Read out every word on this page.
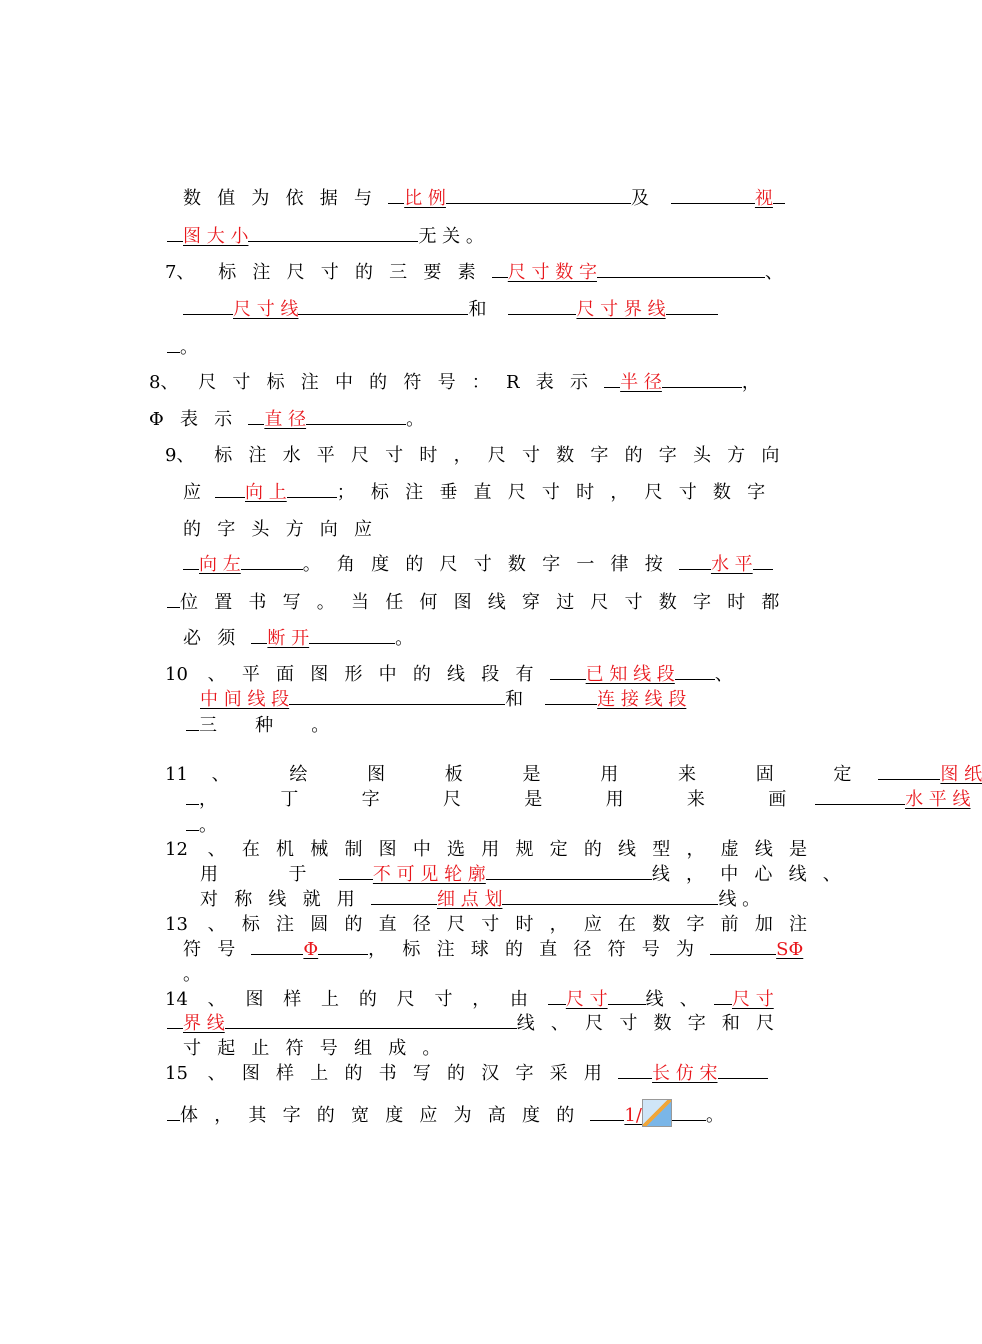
数值为依据与 比 例	及	视
图 大 小	无 关 。
7、 标注尺寸的三要素 尺 寸 数 字	、
尺 寸 线	和	尺 寸 界 线
。
8、 尺寸标注中的符号：R表示 半 径	，
Φ表示 直 径	。
9、 标注水平尺寸时，尺寸数字的字头方向
应 向 上	；标注垂直尺寸时，尺寸数字
的字头方向应
向 左	。角度的尺寸数字一律按 水 平
位置书写。当任何图线穿过尺寸数字时都
必须 断 开	。
10 、平面图形中的线段有 已 知 线 段 、
中 间 线 段	和	连 接 线 段
三 种 。
11 、 绘 图 板 是 用 来 固 定	图 纸
， 丁 字 尺 是 用 来 画	水 平 线
。
12 、在机械制图中选用规定的线型，虚线是
用 于 不 可 见 轮 廓	线，中心线、
对称线就用	细 点 划	线 。
13 、标注圆的直径尺寸时，应在数字前加注
符号	Φ	，标注球的直径符号为	SΦ
。
14 、图样上的尺寸，由 尺 寸 线、 尺 寸
界 线	线、尺寸数字和尺
寸起止符号组成。
15 、图样上的书写的汉字采用 长 仿 宋
体，其字的宽度应为高度的 1/	。
